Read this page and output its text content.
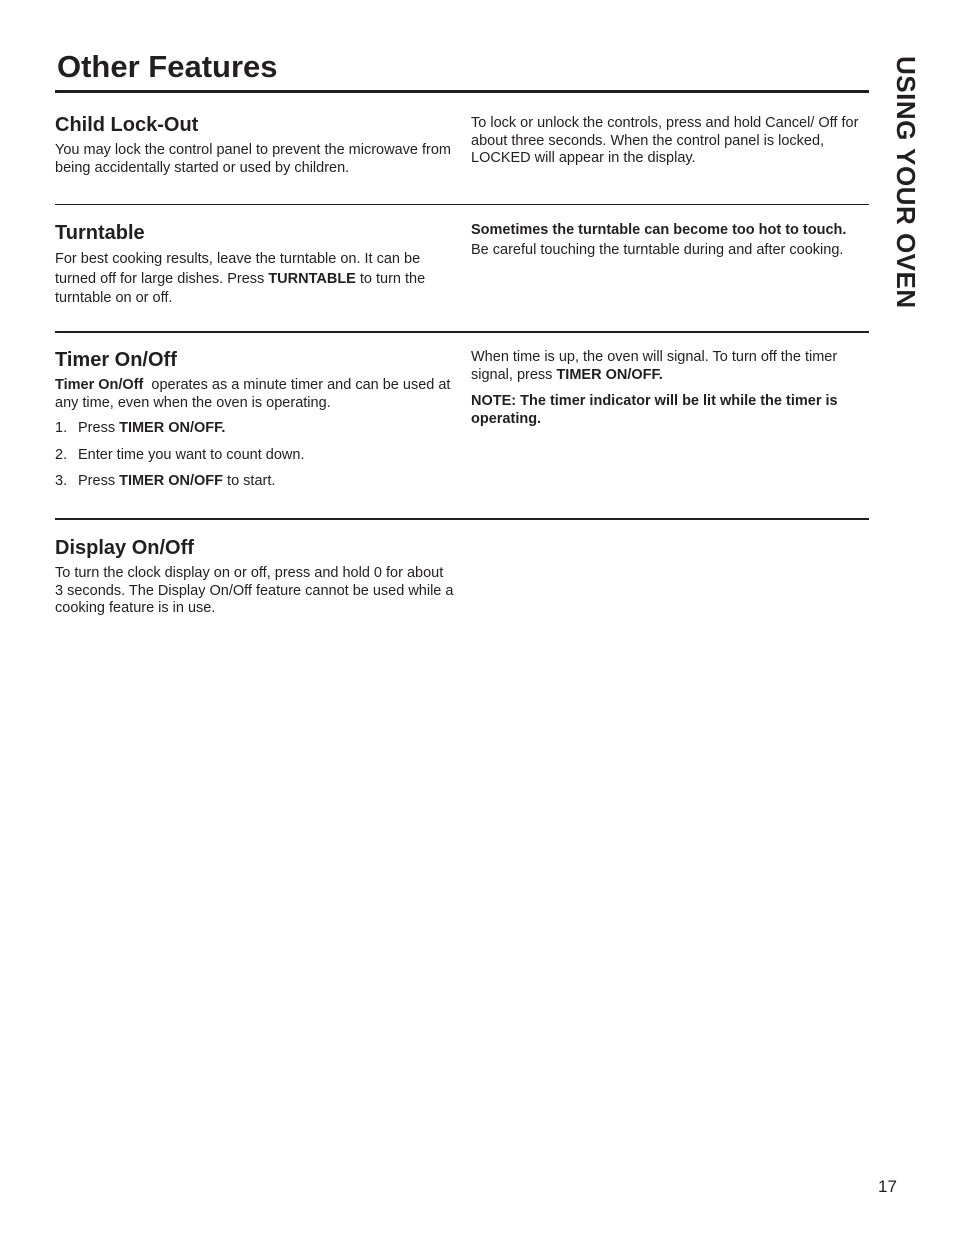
Other Features	USING YOUR OVEN
Child Lock-Out

You may lock the control panel to prevent the microwave from being accidentally started or used by children.

To lock or unlock the controls, press and hold Cancel/ Off for about three seconds. When the control panel is locked, LOCKED will appear in the display.

Turntable

For best cooking results, leave the turntable on. It can be turned off for large dishes. Press TURNTABLE to turn the turntable on or off.

Sometimes the turntable can become too hot to touch.
Be careful touching the turntable during and after cooking.

Timer On/Off

Timer On/Off  operates as a minute timer and can be used at any time, even when the oven is operating.

1. Press TIMER ON/OFF.
2. Enter time you want to count down.
3. Press TIMER ON/OFF to start.

When time is up, the oven will signal. To turn off the timer signal, press TIMER ON/OFF.

NOTE: The timer indicator will be lit while the timer is operating.

Display On/Off

To turn the clock display on or off, press and hold 0 for about 3 seconds. The Display On/Off feature cannot be used while a cooking feature is in use.

17
